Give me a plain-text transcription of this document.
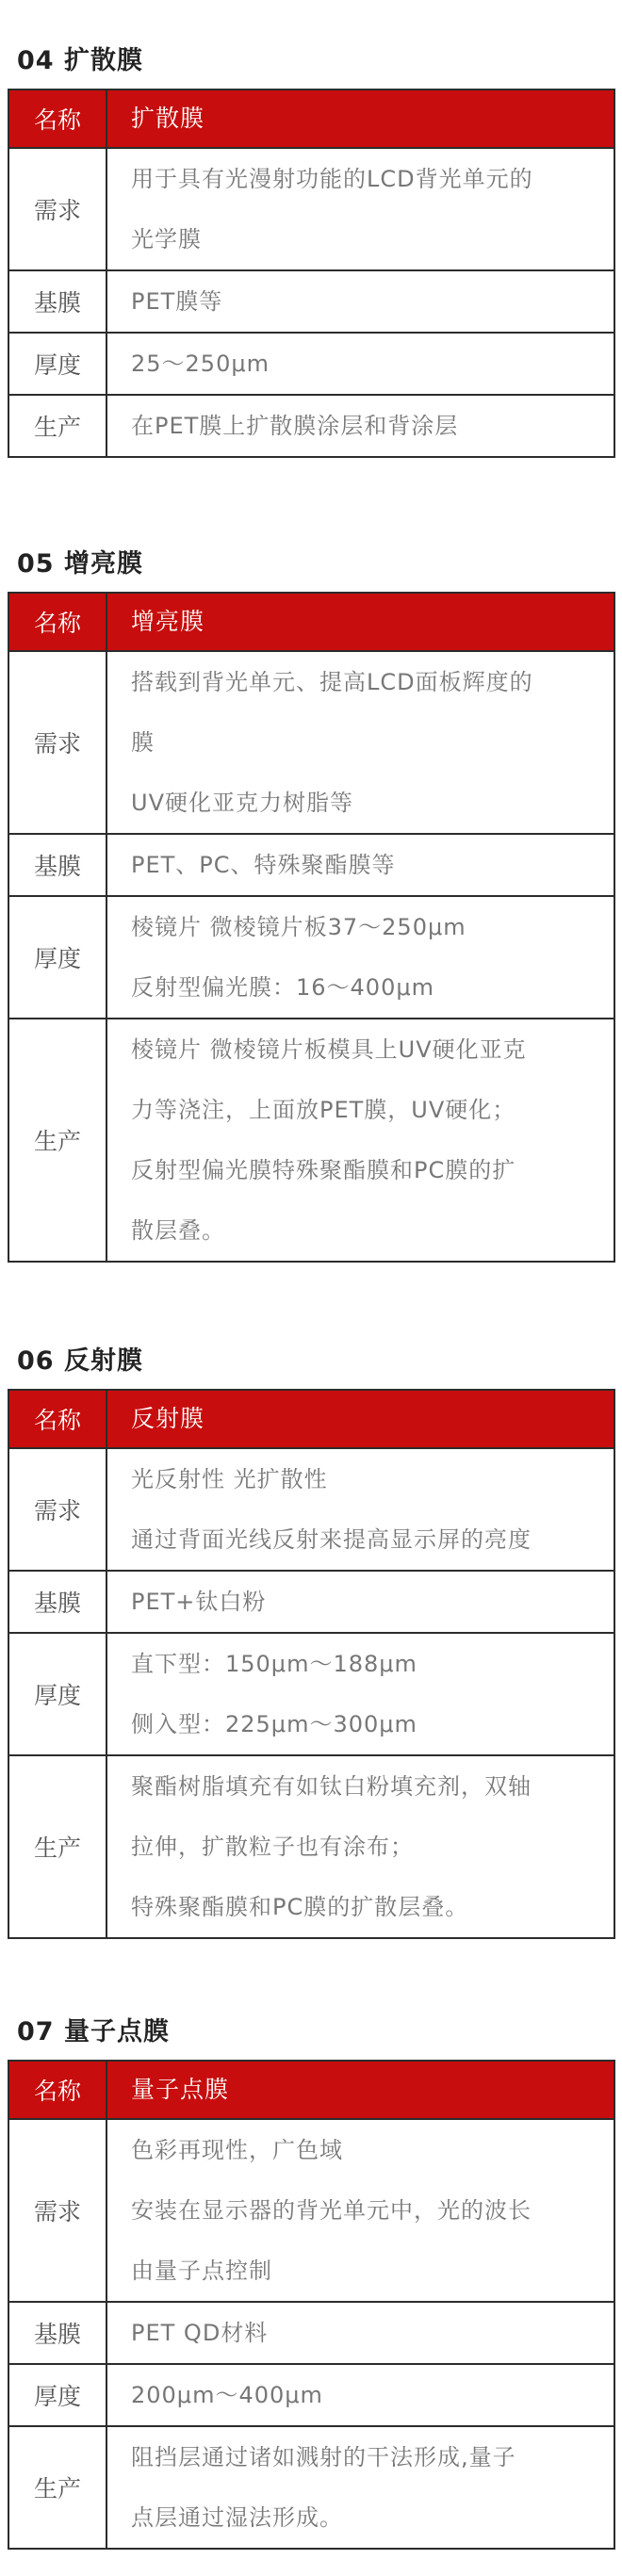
04 扩散膜
名称	扩散膜
需求	用于具有光漫射功能的LCD背光单元的
光学膜

基膜	PET膜等

厚度	25～250μm

生产	在PET膜上扩散膜涂层和背涂层
05 增亮膜
名称	增亮膜
需求	搭载到背光单元、提高LCD面板辉度的
膜
UV硬化亚克力树脂等

基膜	PET、PC、特殊聚酯膜等

厚度	棱镜片 微棱镜片板37～250μm
反射型偏光膜：16～400μm

生产	棱镜片 微棱镜片板模具上UV硬化亚克
力等浇注，上面放PET膜，UV硬化；
反射型偏光膜特殊聚酯膜和PC膜的扩
散层叠。
06 反射膜
名称	反射膜
需求	光反射性 光扩散性
通过背面光线反射来提高显示屏的亮度

基膜	PET+钛白粉

厚度	直下型：150μm～188μm
侧入型：225μm～300μm

生产	聚酯树脂填充有如钛白粉填充剂，双轴
拉伸，扩散粒子也有涂布；
特殊聚酯膜和PC膜的扩散层叠。
07 量子点膜
名称	量子点膜
需求	色彩再现性，广色域
安装在显示器的背光单元中，光的波长
由量子点控制

基膜	PET QD材料

厚度	200μm～400μm

生产	阻挡层通过诸如溅射的干法形成,量子
点层通过湿法形成。
